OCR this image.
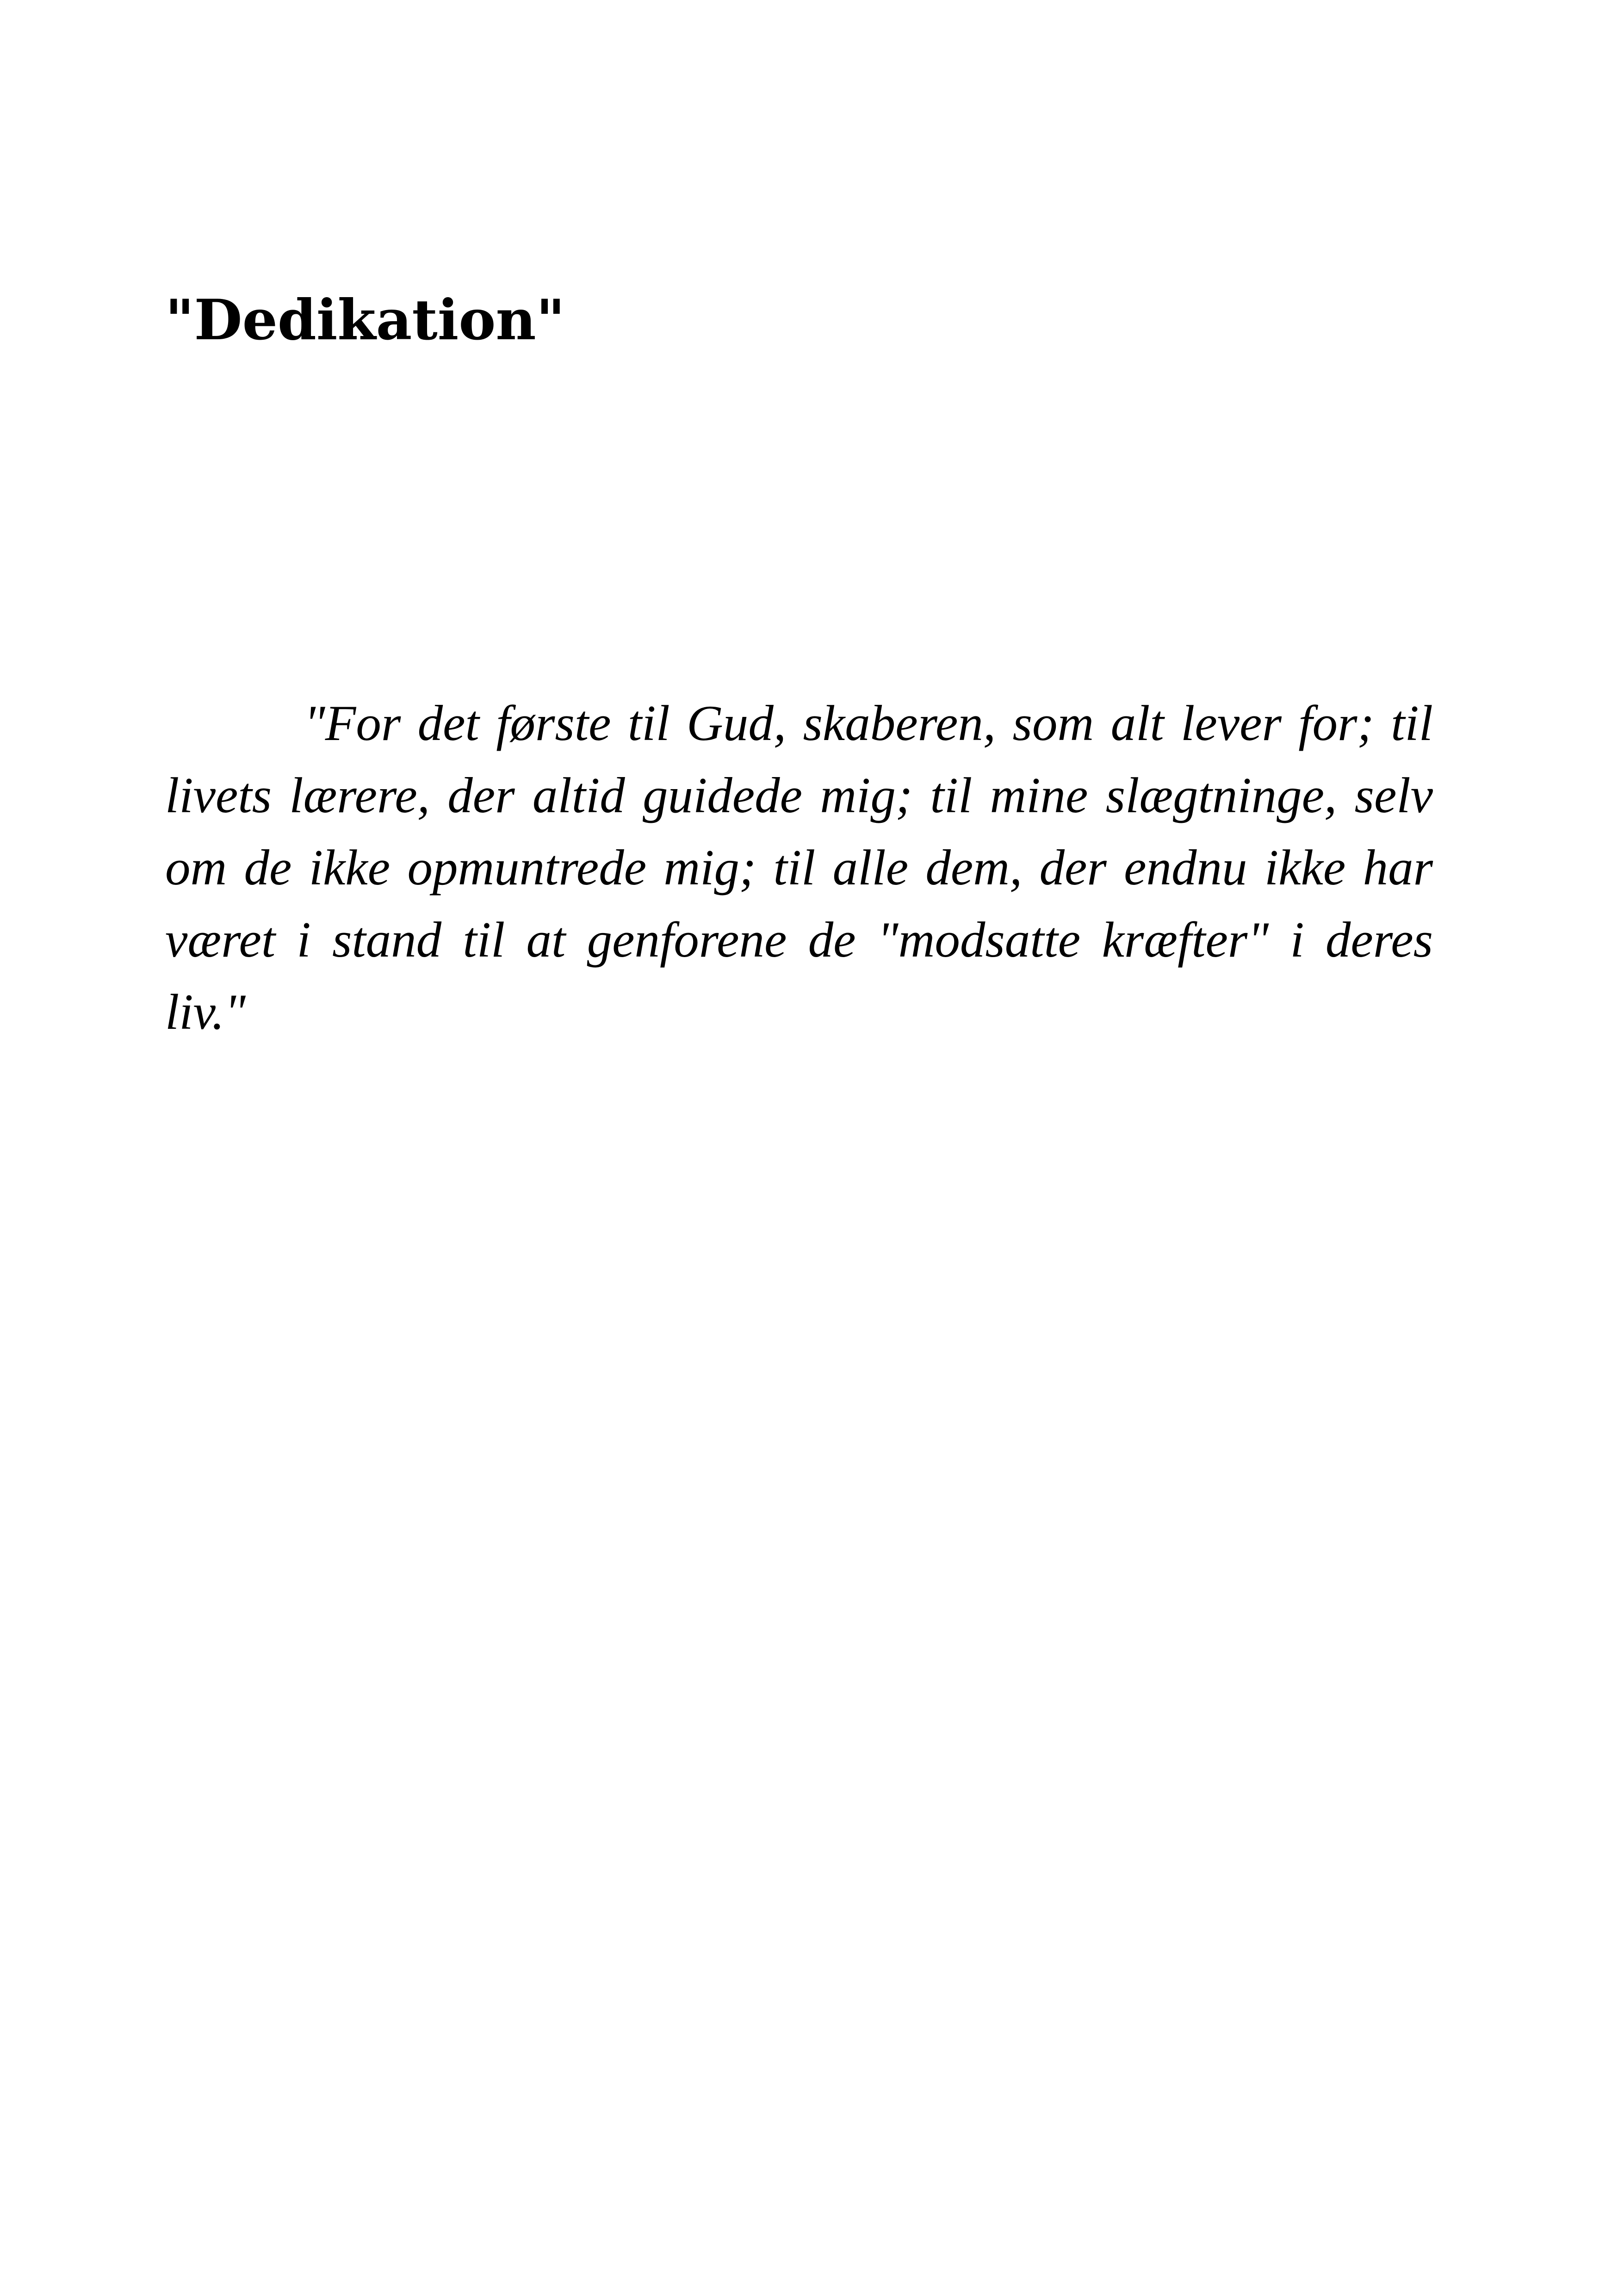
"Dedikation"

"For det første til Gud, skaberen, som alt lever for; til livets lærere, der altid guidede mig; til mine slægtninge, selv om de ikke opmuntrede mig; til alle dem, der endnu ikke har været i stand til at genforene de "modsatte kræfter" i deres liv."
